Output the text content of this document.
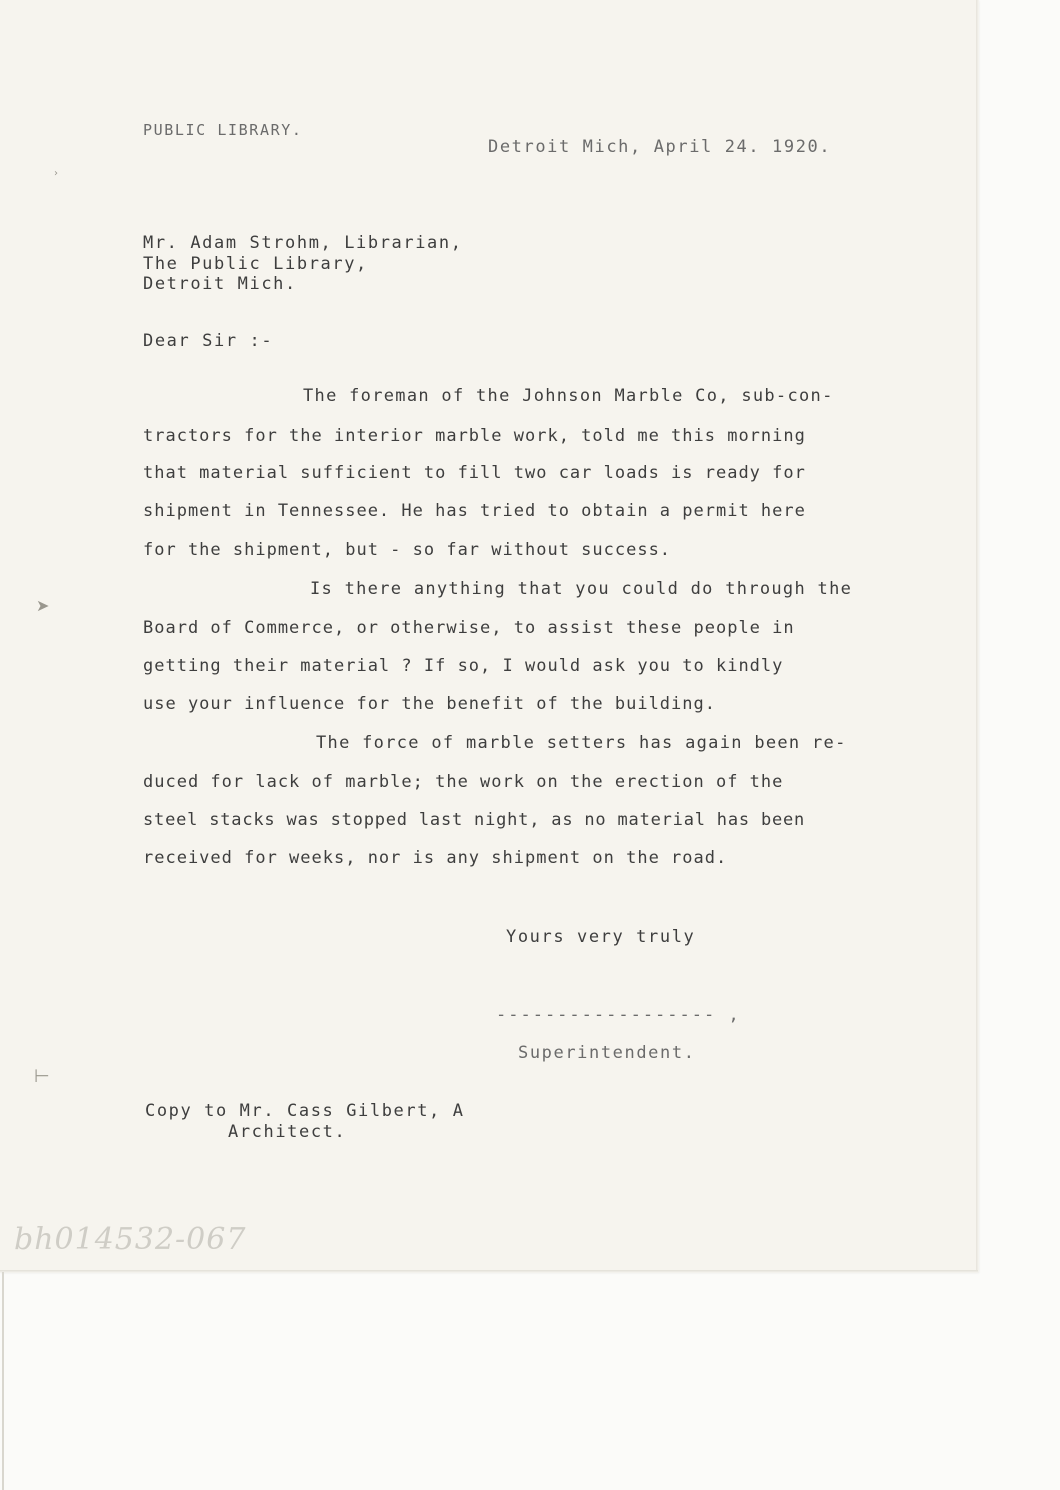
PUBLIC LIBRARY.
Detroit Mich, April 24. 1920.
Mr. Adam Strohm, Librarian,
The Public Library,
Detroit Mich.
Dear Sir :-
The foreman of the Johnson Marble Co, sub-con-
tractors for the interior marble work, told me this morning
that material sufficient to fill two car loads is ready for
shipment in Tennessee. He has tried to obtain a permit here
for the shipment, but - so far without success.
Is there anything that you could do through the
Board of Commerce, or otherwise, to assist these people in
getting their material ? If so, I would ask you to kindly
use your influence for the benefit of the building.
The force of marble setters has again been re-
duced for lack of marble; the work on the erection of the
steel stacks was stopped last night, as no material has been
received for weeks, nor is any shipment on the road.
Yours very truly
------------------ ,
Superintendent.
Copy to Mr. Cass Gilbert, A
Architect.
➤
›
⊢
bh014532-067
